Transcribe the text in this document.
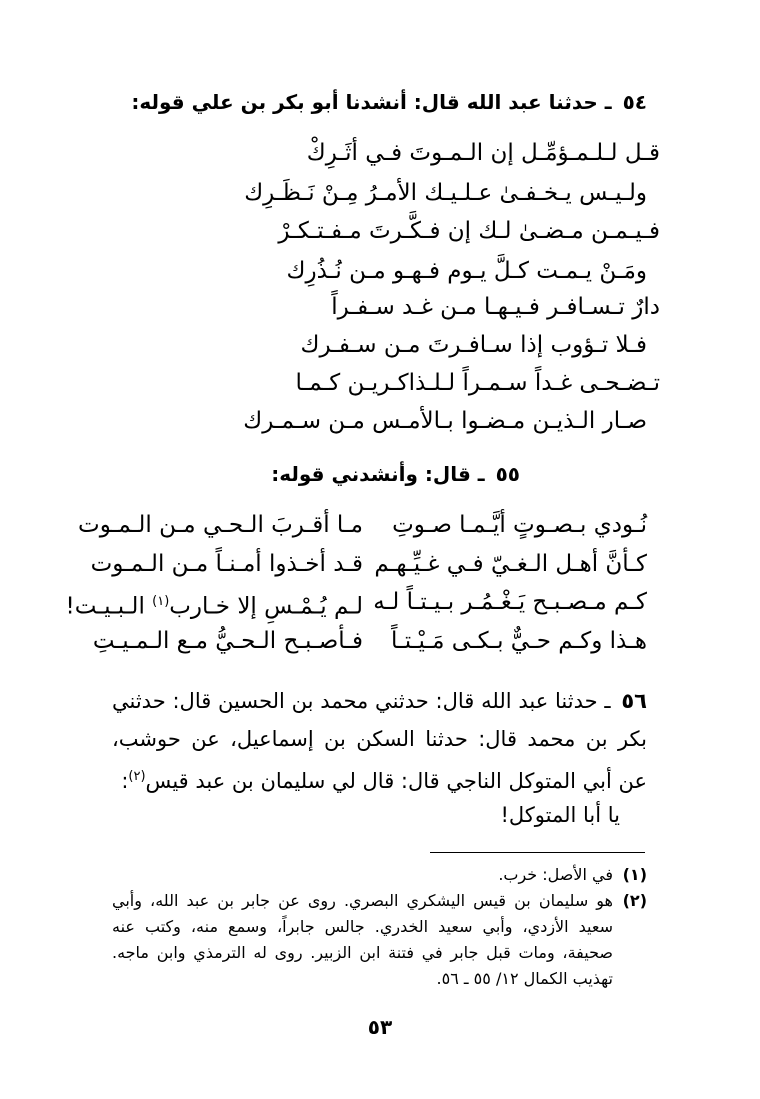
٥٤ ـ حدثنا عبد الله قال: أنشدنا أبو بكر بن علي قوله:
قـل لـلـمـؤمِّـل إن الـمـوتَ فـي أثَـرِكْ
ولـيـس يـخـفـىٰ عـلـيـك الأمـرُ مِـنْ نَـظَـرِك
فـيـمـن مـضـىٰ لـك إن فـكَّـرتَ مـفـتـكـرْ
ومَـنْ يـمـت كـلَّ يـوم فـهـو مـن نُـذُرِك
دارٌ تـسـافـر فـيـهـا مـن غـد سـفـراً
فـلا تـؤوب إذا سـافـرتَ مـن سـفـرك
تـضـحـى غـداً سـمـراً لـلـذاكـريـن كـمـا
صـار الـذيـن مـضـوا بـالأمـس مـن سـمـرك
٥٥ ـ قال: وأنشدني قوله:
نُـودي بـصـوتٍ أيَّـمـا صـوتِ
مـا أقـربَ الـحـي مـن الـمـوت
كـأنَّ أهـل الـغـيّ فـي غـيِّـهـم
قـد أخـذوا أمـنـاً مـن الـمـوت
كـم مـصـبـح يَـغْـمُـر بـيـتـاً لـه
لـم يُـمْـسِ إلا خـارب$^{(١)}$ الـبـيـت!
هـذا وكـم حـيٌّ بـكـى مَـيْـتـاً
فـأصـبـح الـحـيُّ مـع الـمـيـتِ
٥٦ ـ حدثنا عبد الله قال: حدثني محمد بن الحسين قال: حدثني بكر بن محمد قال: حدثنا السكن بن إسماعيل، عن حوشب، عن أبي المتوكل الناجي قال: قال لي سليمان بن عبد قيس$^{(٢)}$:
يا أبا المتوكل!
(١)
في الأصل: خرب.
(٢)
هو سليمان بن قيس اليشكري البصري. روى عن جابر بن عبد الله، وأبي سعيد الأزدي، وأبي سعيد الخدري. جالس جابراً، وسمع منه، وكتب عنه صحيفة، ومات قبل جابر في فتنة ابن الزبير. روى له الترمذي وابن ماجه. تهذيب الكمال ١٢/ ٥٥ ـ ٥٦.
٥٣
